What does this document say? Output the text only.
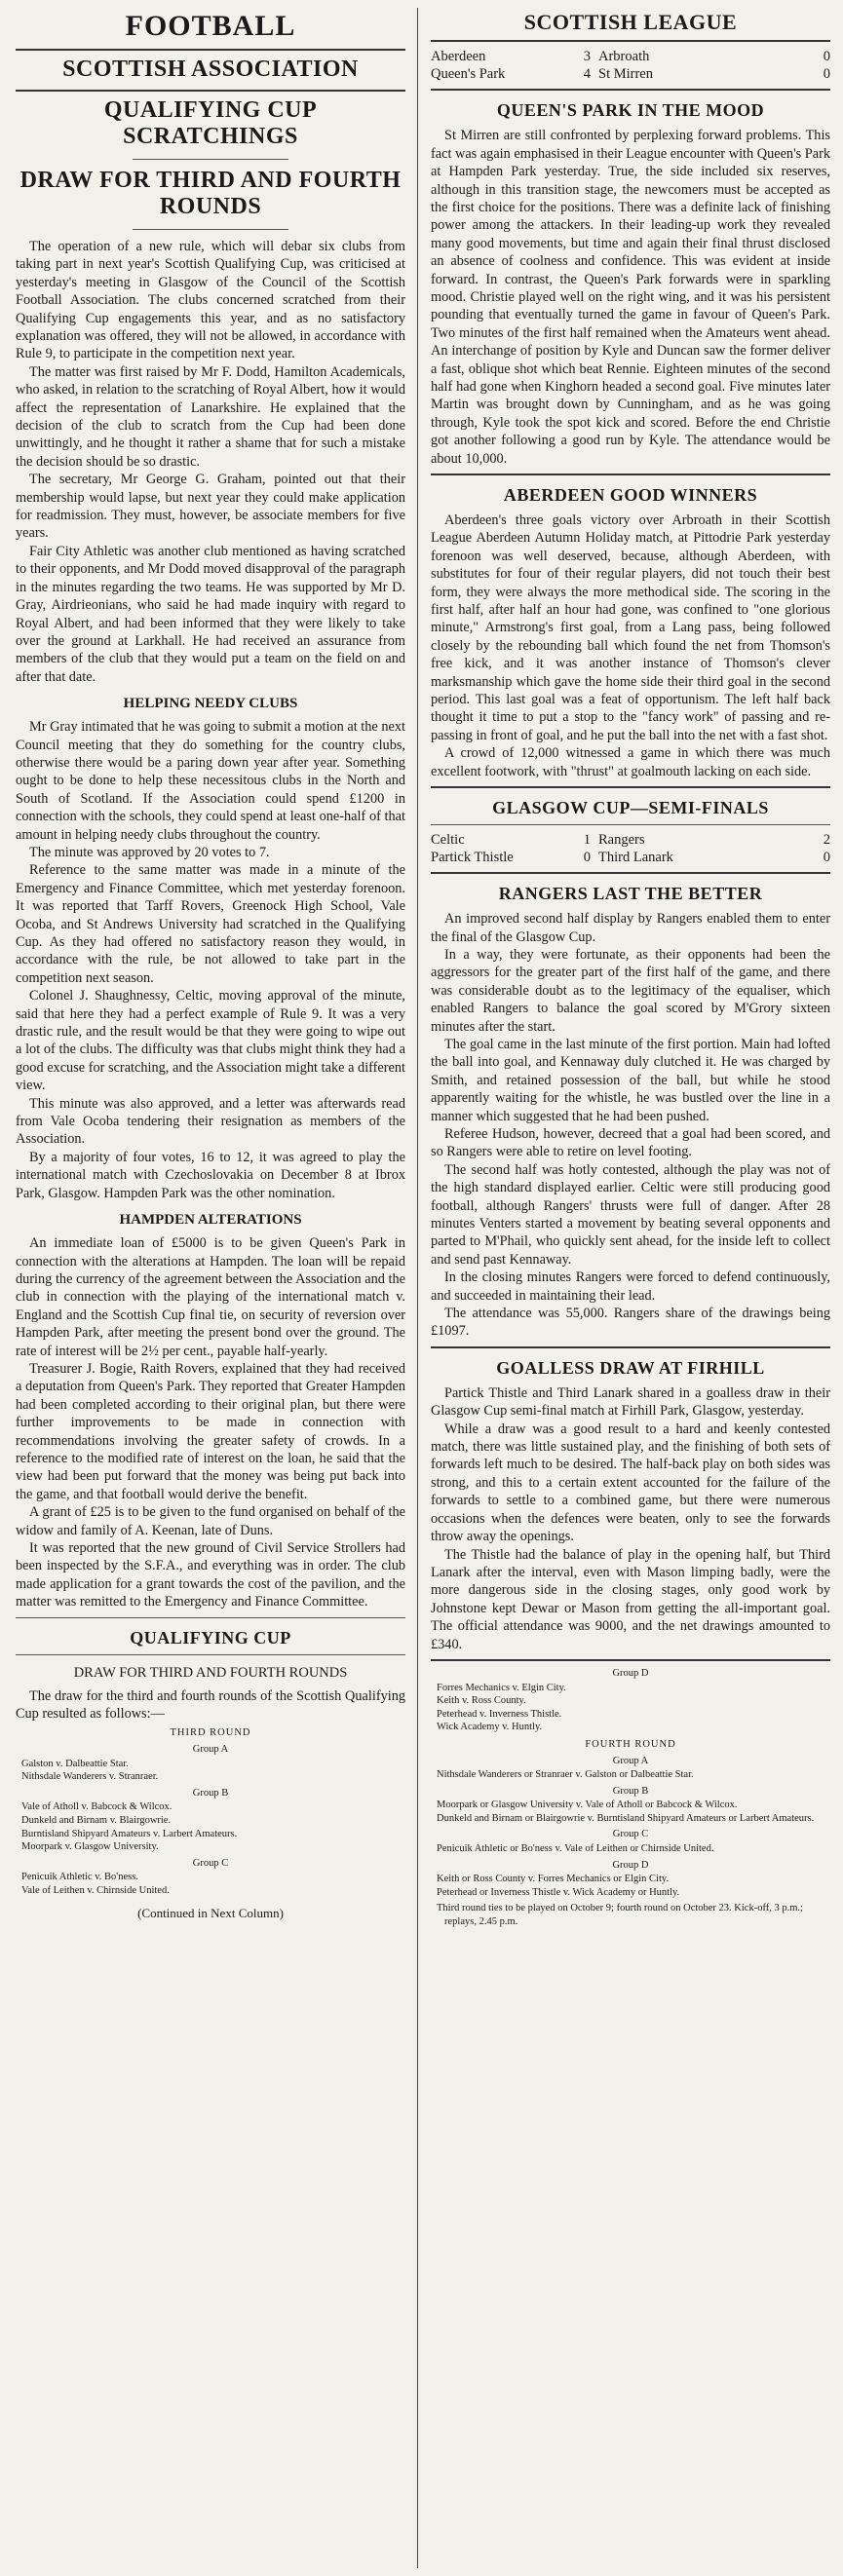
FOOTBALL
SCOTTISH ASSOCIATION
QUALIFYING CUP SCRATCHINGS
DRAW FOR THIRD AND FOURTH ROUNDS

The operation of a new rule, which will debar six clubs from taking part in next year's Scottish Qualifying Cup, was criticised at yesterday's meeting in Glasgow of the Council of the Scottish Football Association. The clubs concerned scratched from their Qualifying Cup engagements this year, and as no satisfactory explanation was offered, they will not be allowed, in accordance with Rule 9, to participate in the competition next year.

The matter was first raised by Mr F. Dodd, Hamilton Academicals, who asked, in relation to the scratching of Royal Albert, how it would affect the representation of Lanarkshire. He explained that the decision of the club to scratch from the Cup had been done unwittingly, and he thought it rather a shame that for such a mistake the decision should be so drastic.

The secretary, Mr George G. Graham, pointed out that their membership would lapse, but next year they could make application for readmission. They must, however, be associate members for five years.

Fair City Athletic was another club mentioned as having scratched to their opponents, and Mr Dodd moved disapproval of the paragraph in the minutes regarding the two teams. He was supported by Mr D. Gray, Airdrieonians, who said he had made inquiry with regard to Royal Albert, and had been informed that they were likely to take over the ground at Larkhall. He had received an assurance from members of the club that they would put a team on the field on and after that date.

HELPING NEEDY CLUBS

Mr Gray intimated that he was going to submit a motion at the next Council meeting that they do something for the country clubs, otherwise there would be a paring down year after year. Something ought to be done to help these necessitous clubs in the North and South of Scotland. If the Association could spend £1200 in connection with the schools, they could spend at least one-half of that amount in helping needy clubs throughout the country.

The minute was approved by 20 votes to 7.

Reference to the same matter was made in a minute of the Emergency and Finance Committee, which met yesterday forenoon. It was reported that Tarff Rovers, Greenock High School, Vale Ocoba, and St Andrews University had scratched in the Qualifying Cup. As they had offered no satisfactory reason they would, in accordance with the rule, be not allowed to take part in the competition next season.

Colonel J. Shaughnessy, Celtic, moving approval of the minute, said that here they had a perfect example of Rule 9. It was a very drastic rule, and the result would be that they were going to wipe out a lot of the clubs. The difficulty was that clubs might think they had a good excuse for scratching, and the Association might take a different view.

This minute was also approved, and a letter was afterwards read from Vale Ocoba tendering their resignation as members of the Association.

By a majority of four votes, 16 to 12, it was agreed to play the international match with Czechoslovakia on December 8 at Ibrox Park, Glasgow. Hampden Park was the other nomination.

HAMPDEN ALTERATIONS

An immediate loan of £5000 is to be given Queen's Park in connection with the alterations at Hampden. The loan will be repaid during the currency of the agreement between the Association and the club in connection with the playing of the international match v. England and the Scottish Cup final tie, on security of reversion over Hampden Park, after meeting the present bond over the ground. The rate of interest will be 2½ per cent., payable half-yearly.

Treasurer J. Bogie, Raith Rovers, explained that they had received a deputation from Queen's Park. They reported that Greater Hampden had been completed according to their original plan, but there were further improvements to be made in connection with recommendations involving the greater safety of crowds. In a reference to the modified rate of interest on the loan, he said that the view had been put forward that the money was being put back into the game, and that football would derive the benefit.

A grant of £25 is to be given to the fund organised on behalf of the widow and family of A. Keenan, late of Duns.

It was reported that the new ground of Civil Service Strollers had been inspected by the S.F.A., and everything was in order. The club made application for a grant towards the cost of the pavilion, and the matter was remitted to the Emergency and Finance Committee.

QUALIFYING CUP
DRAW FOR THIRD AND FOURTH ROUNDS

The draw for the third and fourth rounds of the Scottish Qualifying Cup resulted as follows:—

THIRD ROUND
Group A
Galston v. Dalbeattie Star.
Nithsdale Wanderers v. Stranraer.
Group B
Vale of Atholl v. Babcock & Wilcox.
Dunkeld and Birnam v. Blairgowrie.
Burntisland Shipyard Amateurs v. Larbert Amateurs.
Moorpark v. Glasgow University.
Group C
Penicuik Athletic v. Bo'ness.
Vale of Leithen v. Chirnside United.
(Continued in Next Column)
SCOTTISH LEAGUE
Aberdeen	3 Arbroath	0
Queen's Park	4 St Mirren	0
QUEEN'S PARK IN THE MOOD

St Mirren are still confronted by perplexing forward problems. This fact was again emphasised in their League encounter with Queen's Park at Hampden Park yesterday. True, the side included six reserves, although in this transition stage, the newcomers must be accepted as the first choice for the positions. There was a definite lack of finishing power among the attackers. In their leading-up work they revealed many good movements, but time and again their final thrust disclosed an absence of coolness and confidence. This was evident at inside forward. In contrast, the Queen's Park forwards were in sparkling mood. Christie played well on the right wing, and it was his persistent pounding that eventually turned the game in favour of Queen's Park. Two minutes of the first half remained when the Amateurs went ahead. An interchange of position by Kyle and Duncan saw the former deliver a fast, oblique shot which beat Rennie. Eighteen minutes of the second half had gone when Kinghorn headed a second goal. Five minutes later Martin was brought down by Cunningham, and as he was going through, Kyle took the spot kick and scored. Before the end Christie got another following a good run by Kyle. The attendance would be about 10,000.

ABERDEEN GOOD WINNERS

Aberdeen's three goals victory over Arbroath in their Scottish League Aberdeen Autumn Holiday match, at Pittodrie Park yesterday forenoon was well deserved, because, although Aberdeen, with substitutes for four of their regular players, did not touch their best form, they were always the more methodical side. The scoring in the first half, after half an hour had gone, was confined to "one glorious minute," Armstrong's first goal, from a Lang pass, being followed closely by the rebounding ball which found the net from Thomson's free kick, and it was another instance of Thomson's clever marksmanship which gave the home side their third goal in the second period. This last goal was a feat of opportunism. The left half back thought it time to put a stop to the "fancy work" of passing and re-passing in front of goal, and he put the ball into the net with a fast shot.

A crowd of 12,000 witnessed a game in which there was much excellent footwork, with "thrust" at goalmouth lacking on each side.

GLASGOW CUP—SEMI-FINALS
Celtic	1 Rangers	2
Partick Thistle	0 Third Lanark	0
RANGERS LAST THE BETTER

An improved second half display by Rangers enabled them to enter the final of the Glasgow Cup.

In a way, they were fortunate, as their opponents had been the aggressors for the greater part of the first half of the game, and there was considerable doubt as to the legitimacy of the equaliser, which enabled Rangers to balance the goal scored by M'Grory sixteen minutes after the start.

The goal came in the last minute of the first portion. Main had lofted the ball into goal, and Kennaway duly clutched it. He was charged by Smith, and retained possession of the ball, but while he stood apparently waiting for the whistle, he was bustled over the line in a manner which suggested that he had been pushed.

Referee Hudson, however, decreed that a goal had been scored, and so Rangers were able to retire on level footing.

The second half was hotly contested, although the play was not of the high standard displayed earlier. Celtic were still producing good football, although Rangers' thrusts were full of danger. After 28 minutes Venters started a movement by beating several opponents and parted to M'Phail, who quickly sent ahead, for the inside left to collect and send past Kennaway.

In the closing minutes Rangers were forced to defend continuously, and succeeded in maintaining their lead.

The attendance was 55,000. Rangers share of the drawings being £1097.

GOALLESS DRAW AT FIRHILL

Partick Thistle and Third Lanark shared in a goalless draw in their Glasgow Cup semi-final match at Firhill Park, Glasgow, yesterday.

While a draw was a good result to a hard and keenly contested match, there was little sustained play, and the finishing of both sets of forwards left much to be desired. The half-back play on both sides was strong, and this to a certain extent accounted for the failure of the forwards to settle to a combined game, but there were numerous occasions when the defences were beaten, only to see the forwards throw away the openings.

The Thistle had the balance of play in the opening half, but Third Lanark after the interval, even with Mason limping badly, were the more dangerous side in the closing stages, only good work by Johnstone kept Dewar or Mason from getting the all-important goal. The official attendance was 9000, and the net drawings amounted to £340.

Group D
Forres Mechanics v. Elgin City.
Keith v. Ross County.
Peterhead v. Inverness Thistle.
Wick Academy v. Huntly.
FOURTH ROUND
Group A
Nithsdale Wanderers or Stranraer v. Galston or Dalbeattie Star.
Group B
Moorpark or Glasgow University v. Vale of Atholl or Babcock & Wilcox.
Dunkeld and Birnam or Blairgowrie v. Burntisland Shipyard Amateurs or Larbert Amateurs.
Group C
Penicuik Athletic or Bo'ness v. Vale of Leithen or Chirnside United.
Group D
Keith or Ross County v. Forres Mechanics or Elgin City.
Peterhead or Inverness Thistle v. Wick Academy or Huntly.
Third round ties to be played on October 9; fourth round on October 23. Kick-off, 3 p.m.; replays, 2.45 p.m.
